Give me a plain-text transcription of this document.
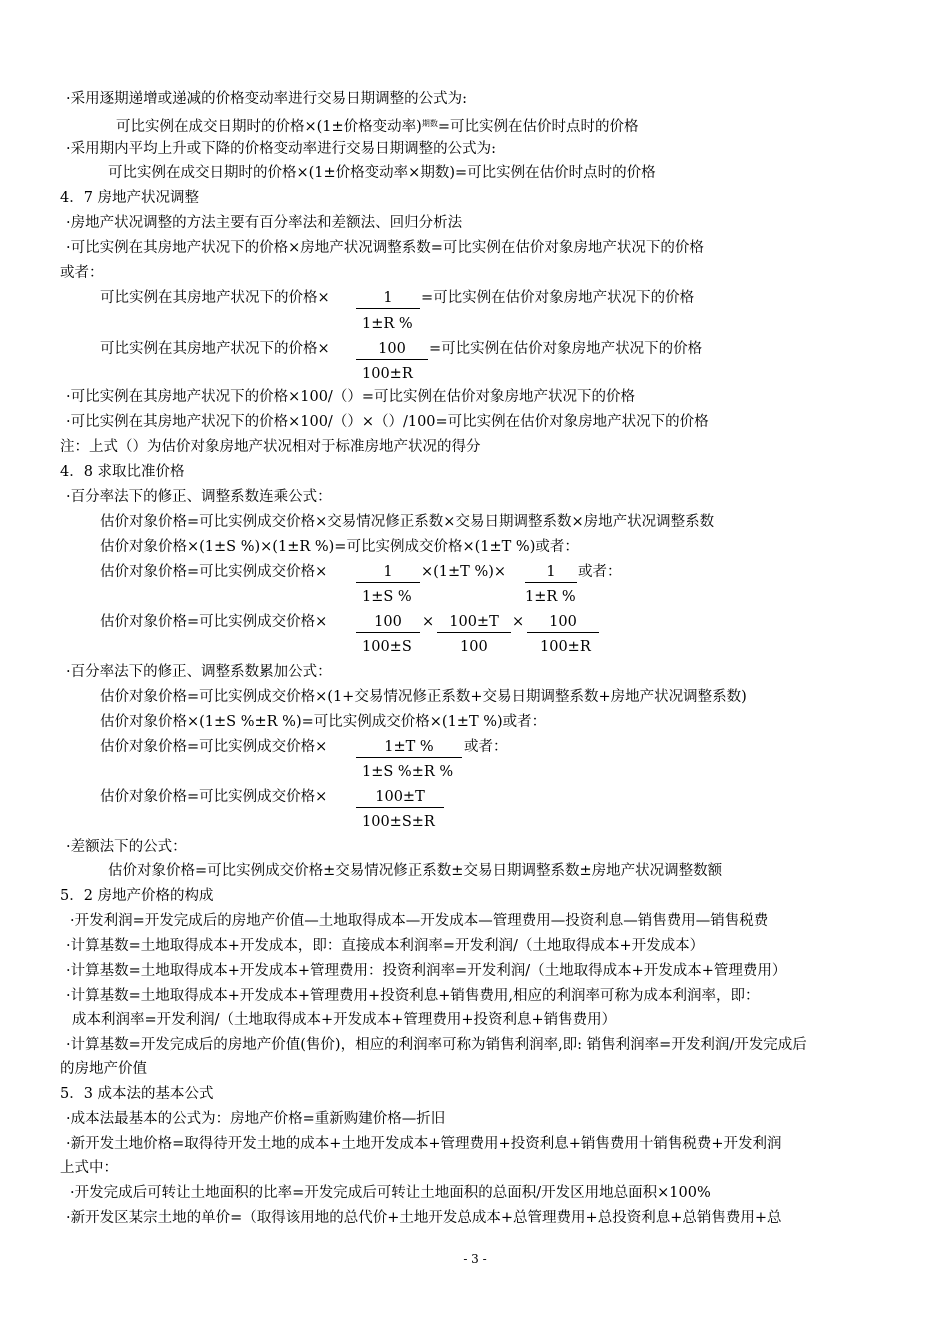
·采用逐期递增或递减的价格变动率进行交易日期调整的公式为:
可比实例在成交日期时的价格×(1±价格变动率)$^{期数}$=可比实例在估价时点时的价格
·采用期内平均上升或下降的价格变动率进行交易日期调整的公式为:
可比实例在成交日期时的价格×(1±价格变动率×期数)=可比实例在估价时点时的价格
4．7 房地产状况调整
·房地产状况调整的方法主要有百分率法和差额法、回归分析法
·可比实例在其房地产状况下的价格×房地产状况调整系数=可比实例在估价对象房地产状况下的价格
或者：
可比实例在其房地产状况下的价格×	1	=可比实例在估价对象房地产状况下的价格
1±R %
可比实例在其房地产状况下的价格×	100	=可比实例在估价对象房地产状况下的价格
100±R
·可比实例在其房地产状况下的价格×100/（）=可比实例在估价对象房地产状况下的价格
·可比实例在其房地产状况下的价格×100/（）×（）/100=可比实例在估价对象房地产状况下的价格
注：上式（）为估价对象房地产状况相对于标准房地产状况的得分
4．8 求取比准价格
·百分率法下的修正、调整系数连乘公式：
估价对象价格=可比实例成交价格×交易情况修正系数×交易日期调整系数×房地产状况调整系数
估价对象价格×(1±S %)×(1±R %)=可比实例成交价格×(1±T %)或者：
估价对象价格=可比实例成交价格×	1	×(1±T %)×	1	或者：
1±S %	1±R %
估价对象价格=可比实例成交价格×	100	×	100±T ×	100
100±S	100	100±R
·百分率法下的修正、调整系数累加公式：
估价对象价格=可比实例成交价格×(1+交易情况修正系数+交易日期调整系数+房地产状况调整系数)
估价对象价格×(1±S %±R %)=可比实例成交价格×(1±T %)或者：
估价对象价格=可比实例成交价格×	1±T %	或者：
1±S %±R %
估价对象价格=可比实例成交价格×	100±T
100±S±R
·差额法下的公式：
估价对象价格=可比实例成交价格±交易情况修正系数±交易日期调整系数±房地产状况调整数额
5．2 房地产价格的构成
·开发利润=开发完成后的房地产价值—土地取得成本—开发成本—管理费用—投资利息—销售费用—销售税费
·计算基数=土地取得成本+开发成本，即：直接成本利润率=开发利润/（土地取得成本+开发成本）
·计算基数=土地取得成本+开发成本+管理费用：投资利润率=开发利润/（土地取得成本+开发成本+管理费用）
·计算基数=土地取得成本+开发成本+管理费用+投资利息+销售费用,相应的利润率可称为成本利润率，即：
成本利润率=开发利润/（土地取得成本+开发成本+管理费用+投资利息+销售费用）
·计算基数=开发完成后的房地产价值(售价)，相应的利润率可称为销售利润率,即: 销售利润率=开发利润/开发完成后
的房地产价值
5．3 成本法的基本公式
·成本法最基本的公式为：房地产价格=重新购建价格—折旧
·新开发土地价格=取得待开发土地的成本+土地开发成本+管理费用+投资利息+销售费用十销售税费+开发利润
上式中：
·开发完成后可转让土地面积的比率=开发完成后可转让土地面积的总面积/开发区用地总面积×100%
·新开发区某宗土地的单价=（取得该用地的总代价+土地开发总成本+总管理费用+总投资利息+总销售费用+总
- 3 -
